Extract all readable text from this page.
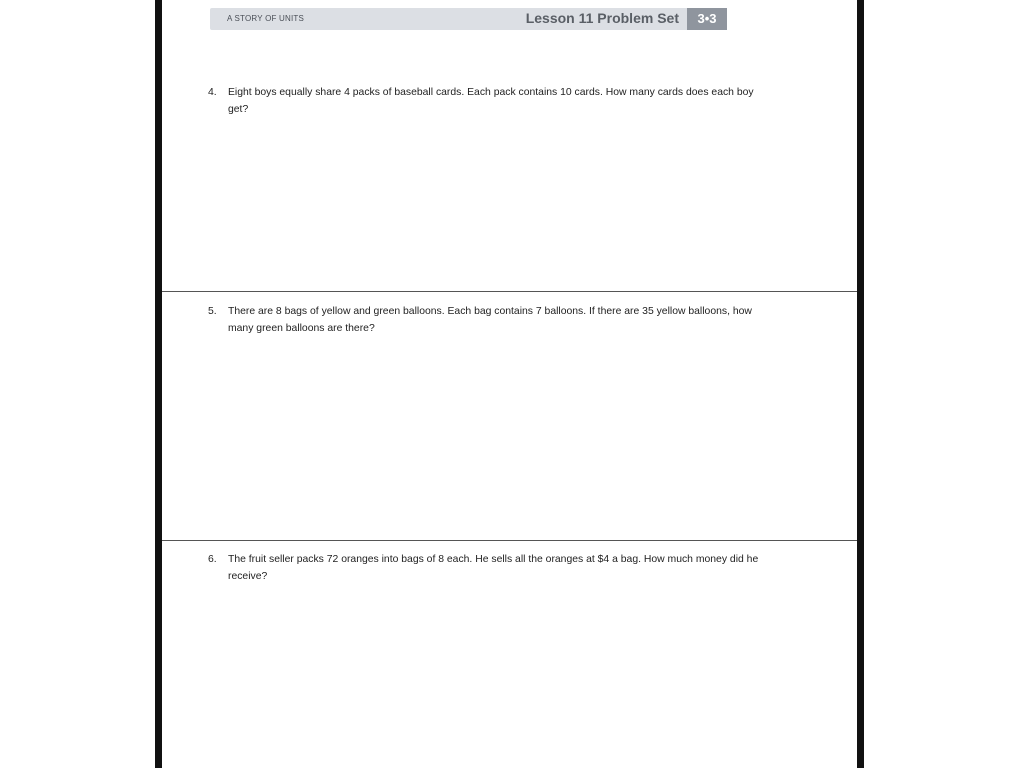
A STORY OF UNITS	Lesson 11 Problem Set	3•3
4.	Eight boys equally share 4 packs of baseball cards. Each pack contains 10 cards. How many cards does each boy get?
5.	There are 8 bags of yellow and green balloons. Each bag contains 7 balloons. If there are 35 yellow balloons, how many green balloons are there?
6.	The fruit seller packs 72 oranges into bags of 8 each. He sells all the oranges at $4 a bag. How much money did he receive?
